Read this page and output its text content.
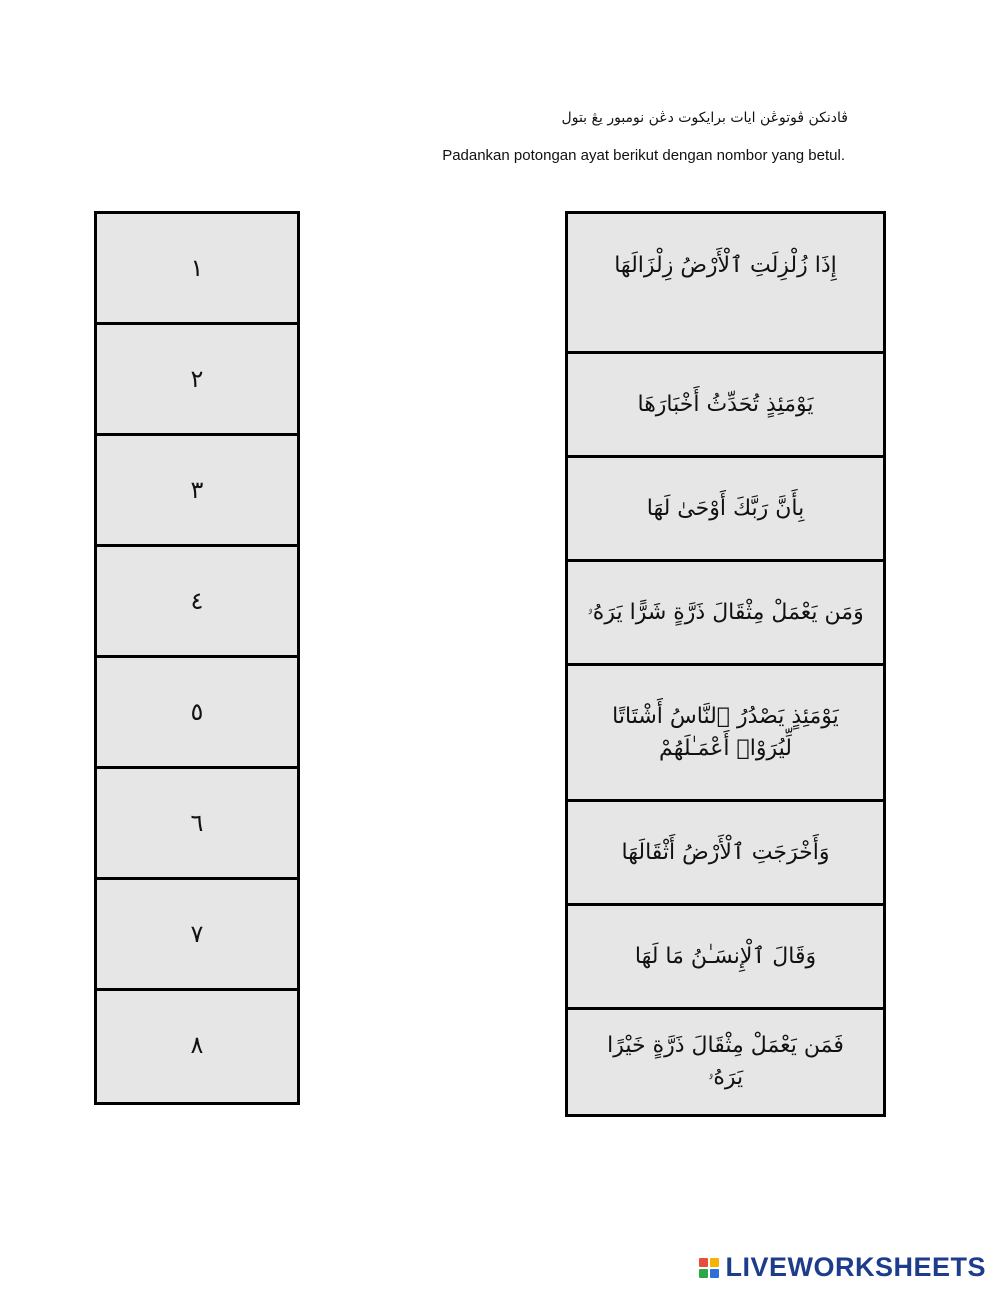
ڤادنكن ڤوتوڠن ايات برايكوت دڠن نومبور يڠ بتول
Padankan potongan ayat berikut dengan nombor yang betul.
١
٢
٣
٤
٥
٦
٧
٨
إِذَا زُلْزِلَتِ ٱلْأَرْضُ زِلْزَالَهَا
يَوْمَئِذٍ تُحَدِّثُ أَخْبَارَهَا
بِأَنَّ رَبَّكَ أَوْحَىٰ لَهَا
وَمَن يَعْمَلْ مِثْقَالَ ذَرَّةٍ شَرًّا يَرَهُۥ
يَوْمَئِذٍ يَصْدُرُ ٱلنَّاسُ أَشْتَاتًا لِّيُرَوْا۟ أَعْمَـٰلَهُمْ
وَأَخْرَجَتِ ٱلْأَرْضُ أَثْقَالَهَا
وَقَالَ ٱلْإِنسَـٰنُ مَا لَهَا
فَمَن يَعْمَلْ مِثْقَالَ ذَرَّةٍ خَيْرًا يَرَهُۥ
LIVEWORKSHEETS
